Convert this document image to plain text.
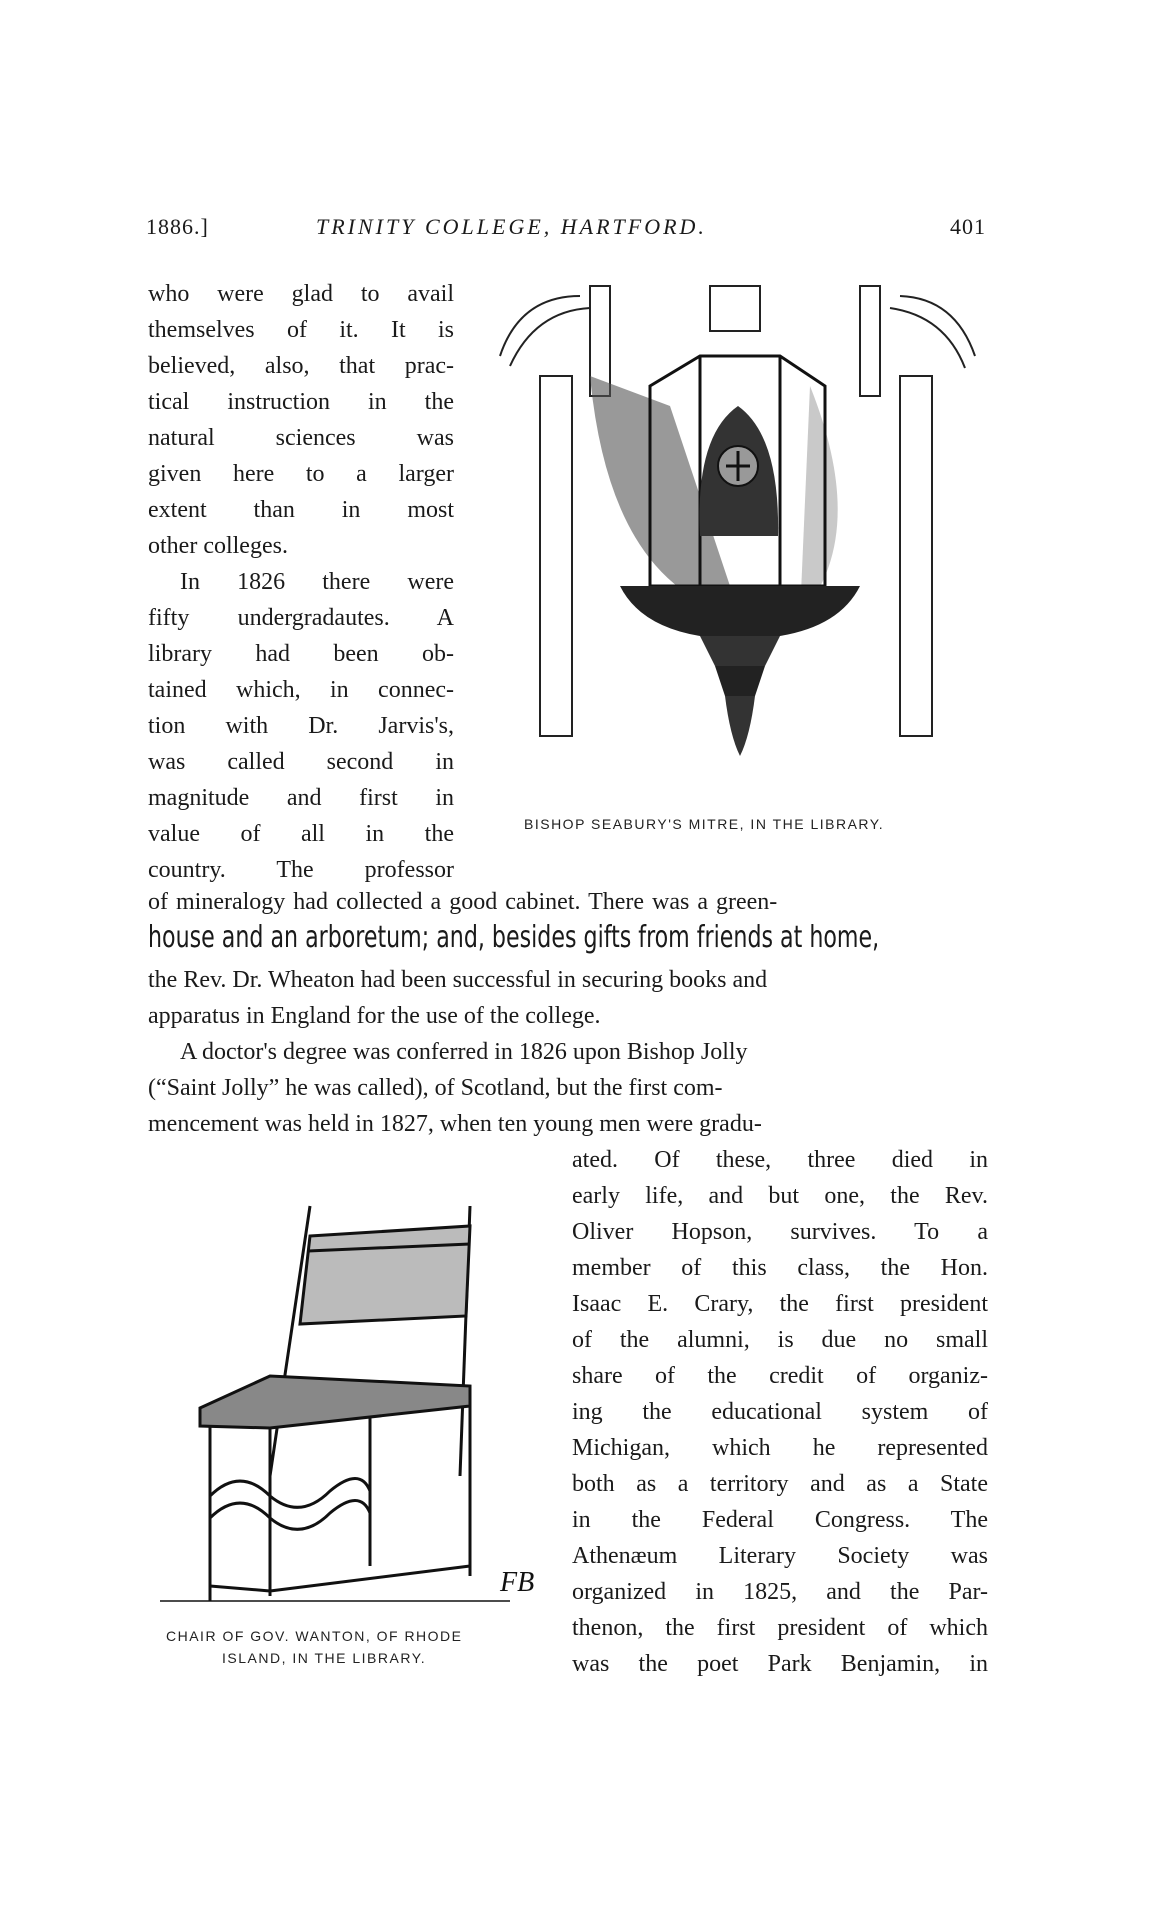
1886.]	TRINITY COLLEGE, HARTFORD.	401
who were glad to avail
themselves of it. It is
believed, also, that prac-
tical instruction in the
natural sciences was
given here to a larger
extent than in most
other colleges.
In 1826 there were
fifty undergradautes. A
library had been ob-
tained which, in connec-
tion with Dr. Jarvis's,
was called second in
magnitude and first in
value of all in the
country. The professor
BISHOP SEABURY'S MITRE, IN THE LIBRARY.
of mineralogy had collected a good cabinet. There was a green-
house and an arboretum; and, besides gifts from friends at home,
the Rev. Dr. Wheaton had been successful in securing books and
apparatus in England for the use of the college.
A doctor's degree was conferred in 1826 upon Bishop Jolly
(“Saint Jolly” he was called), of Scotland, but the first com-
mencement was held in 1827, when ten young men were gradu-
ated. Of these, three died in
early life, and but one, the Rev.
Oliver Hopson, survives. To a
member of this class, the Hon.
Isaac E. Crary, the first president
of the alumni, is due no small
share of the credit of organiz-
ing the educational system of
Michigan, which he represented
both as a territory and as a State
in the Federal Congress. The
Athenæum Literary Society was
organized in 1825, and the Par-
thenon, the first president of which
was the poet Park Benjamin, in
FB
CHAIR OF GOV. WANTON, OF RHODE
ISLAND, IN THE LIBRARY.
